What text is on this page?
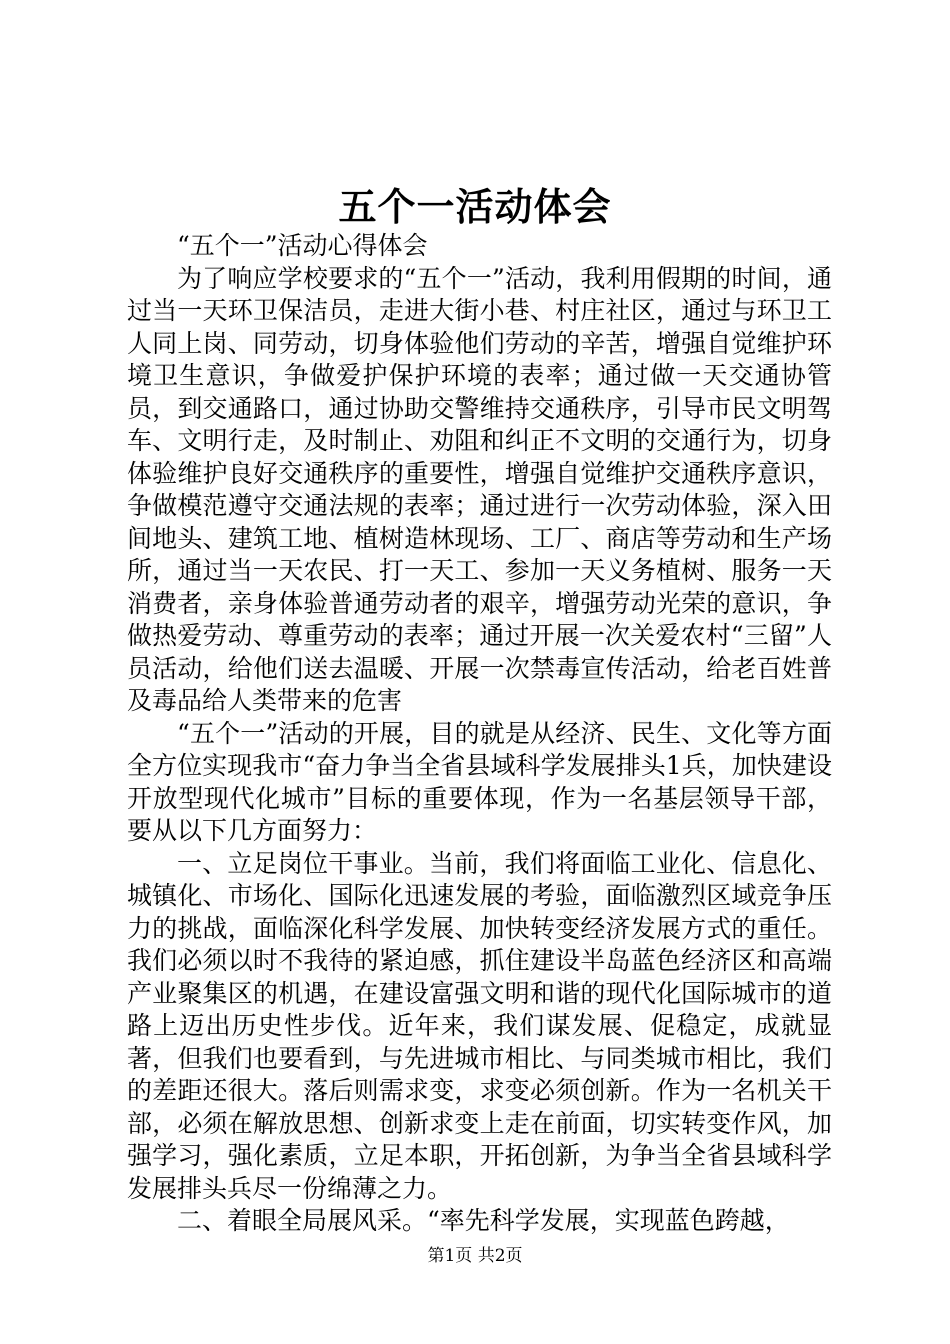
五个一活动体会

“五个一”活动心得体会

为了响应学校要求的“五个一”活动，我利用假期的时间，通过当一天环卫保洁员，走进大街小巷、村庄社区，通过与环卫工人同上岗、同劳动，切身体验他们劳动的辛苦，增强自觉维护环境卫生意识，争做爱护保护环境的表率；通过做一天交通协管员，到交通路口，通过协助交警维持交通秩序，引导市民文明驾车、文明行走，及时制止、劝阻和纠正不文明的交通行为，切身体验维护良好交通秩序的重要性，增强自觉维护交通秩序意识，争做模范遵守交通法规的表率；通过进行一次劳动体验，深入田间地头、建筑工地、植树造林现场、工厂、商店等劳动和生产场所，通过当一天农民、打一天工、参加一天义务植树、服务一天消费者，亲身体验普通劳动者的艰辛，增强劳动光荣的意识，争做热爱劳动、尊重劳动的表率；通过开展一次关爱农村“三留”人员活动，给他们送去温暖、开展一次禁毒宣传活动，给老百姓普及毒品给人类带来的危害

“五个一”活动的开展，目的就是从经济、民生、文化等方面全方位实现我市“奋力争当全省县域科学发展排头1兵，加快建设开放型现代化城市”目标的重要体现，作为一名基层领导干部，要从以下几方面努力：

一、立足岗位干事业。当前，我们将面临工业化、信息化、城镇化、市场化、国际化迅速发展的考验，面临激烈区域竞争压力的挑战，面临深化科学发展、加快转变经济发展方式的重任。我们必须以时不我待的紧迫感，抓住建设半岛蓝色经济区和高端产业聚集区的机遇，在建设富强文明和谐的现代化国际城市的道路上迈出历史性步伐。近年来，我们谋发展、促稳定，成就显著，但我们也要看到，与先进城市相比、与同类城市相比，我们的差距还很大。落后则需求变，求变必须创新。作为一名机关干部，必须在解放思想、创新求变上走在前面，切实转变作风，加强学习，强化素质，立足本职，开拓创新，为争当全省县域科学发展排头兵尽一份绵薄之力。

二、着眼全局展风采。“率先科学发展，实现蓝色跨越，

第1页 共2页
